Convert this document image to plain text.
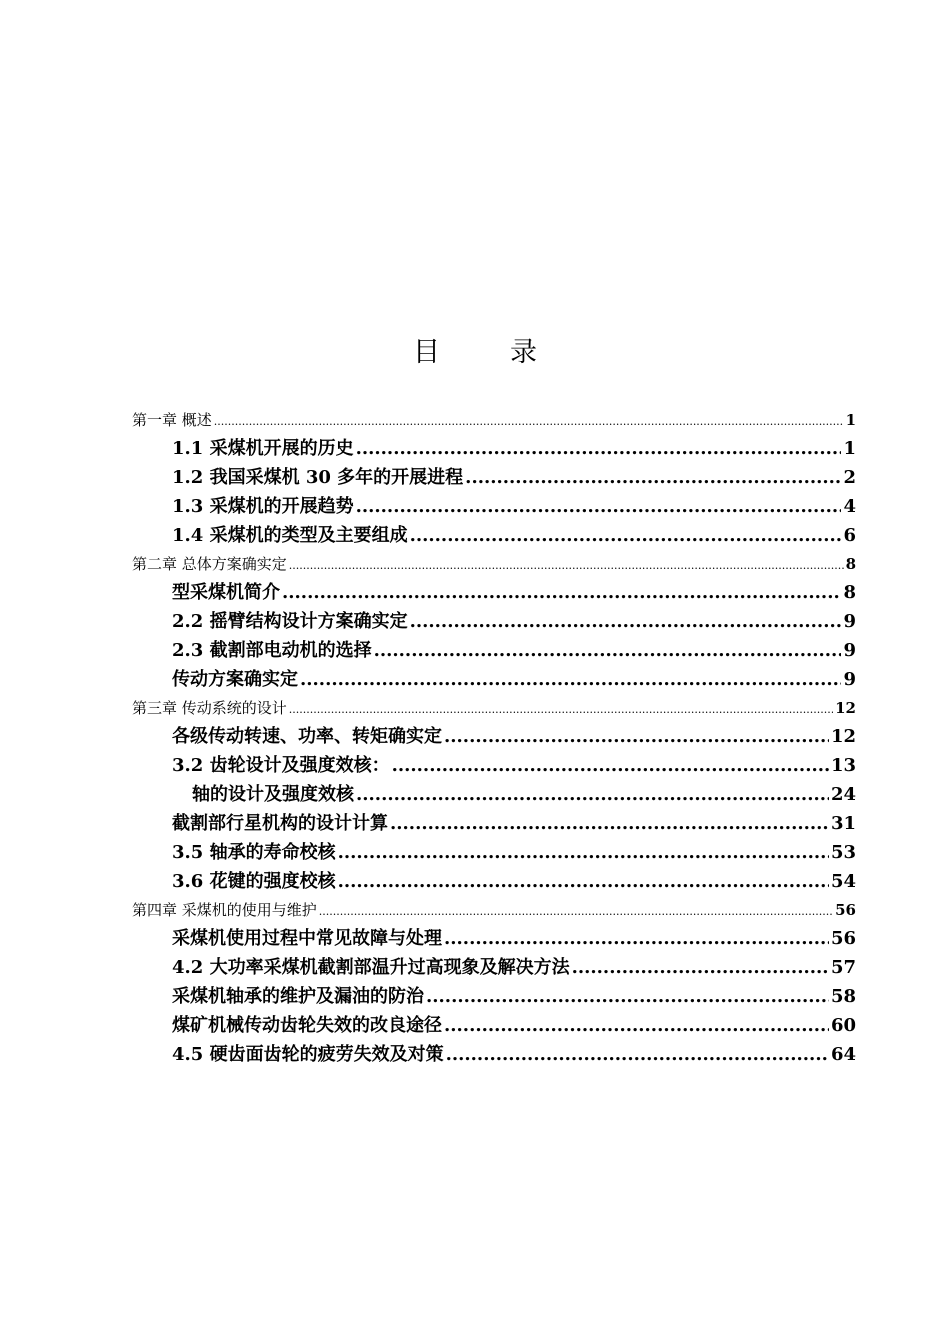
目	录
第一章 概述 .....	1
1.1 采煤机开展的历史 .....	1
1.2 我国采煤机 30 多年的开展进程 .....	2
1.3 采煤机的开展趋势 .....	4
1.4 采煤机的类型及主要组成 .....	6
第二章 总体方案确实定 .....	8
型采煤机简介 .....	8
2.2 摇臂结构设计方案确实定 .....	9
2.3 截割部电动机的选择 .....	9
传动方案确实定 .....	9
第三章 传动系统的设计 .....	12
各级传动转速、功率、转矩确实定 .....	12
3.2 齿轮设计及强度效核： .....	13
轴的设计及强度效核 .....	24
截割部行星机构的设计计算 .....	31
3.5 轴承的寿命校核 .....	53
3.6 花键的强度校核 .....	54
第四章 采煤机的使用与维护 .....	56
采煤机使用过程中常见故障与处理 .....	56
4.2 大功率采煤机截割部温升过高现象及解决方法 .....	57
采煤机轴承的维护及漏油的防治 .....	58
煤矿机械传动齿轮失效的改良途径 .....	60
4.5 硬齿面齿轮的疲劳失效及对策 .....	64
